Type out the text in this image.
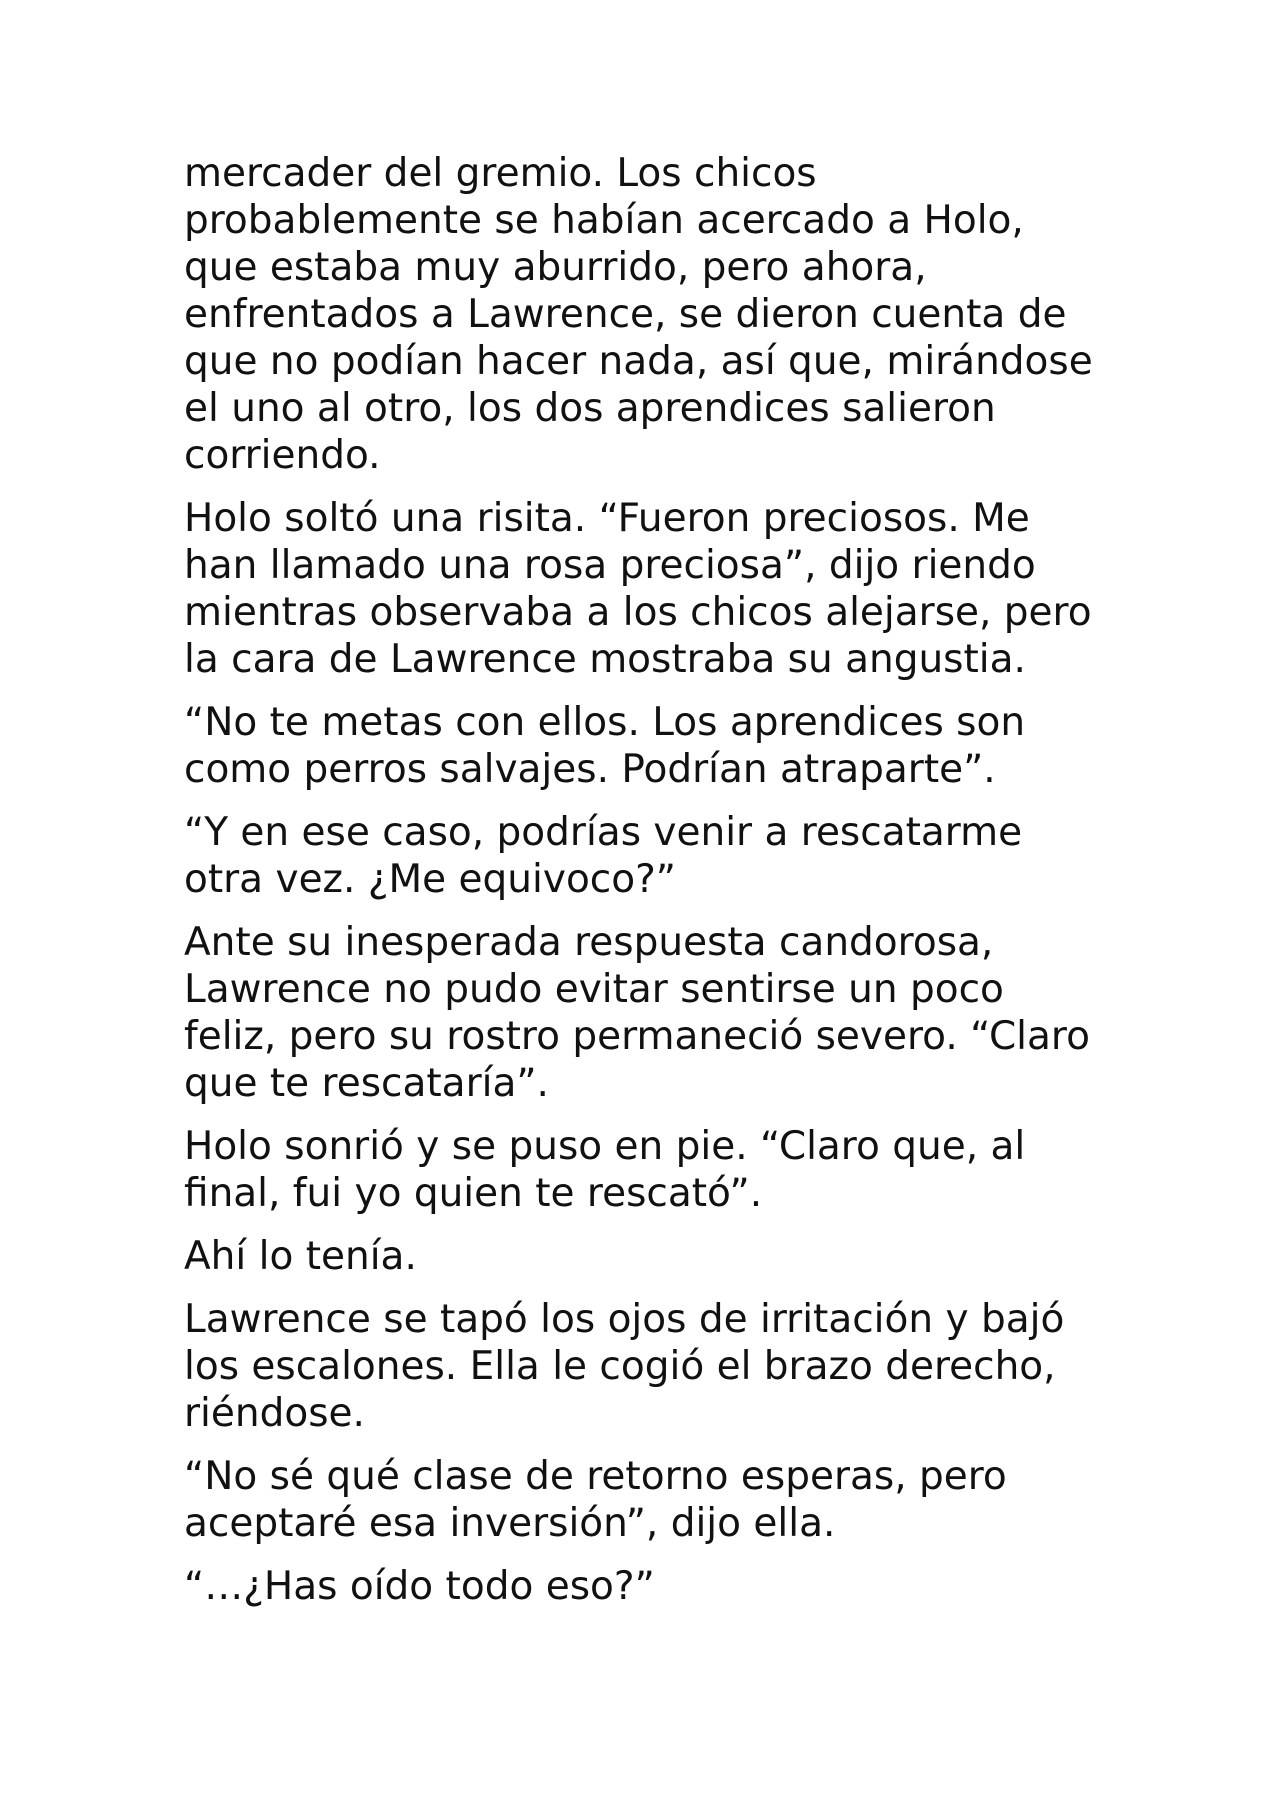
mercader del gremio. Los chicos
probablemente se habían acercado a Holo,
que estaba muy aburrido, pero ahora,
enfrentados a Lawrence, se dieron cuenta de
que no podían hacer nada, así que, mirándose
el uno al otro, los dos aprendices salieron
corriendo.

Holo soltó una risita. “Fueron preciosos. Me
han llamado una rosa preciosa”, dijo riendo
mientras observaba a los chicos alejarse, pero
la cara de Lawrence mostraba su angustia.

“No te metas con ellos. Los aprendices son
como perros salvajes. Podrían atraparte”.

“Y en ese caso, podrías venir a rescatarme
otra vez. ¿Me equivoco?”

Ante su inesperada respuesta candorosa,
Lawrence no pudo evitar sentirse un poco
feliz, pero su rostro permaneció severo. “Claro
que te rescataría”.

Holo sonrió y se puso en pie. “Claro que, al
final, fui yo quien te rescató”.

Ahí lo tenía.

Lawrence se tapó los ojos de irritación y bajó
los escalones. Ella le cogió el brazo derecho,
riéndose.

“No sé qué clase de retorno esperas, pero
aceptaré esa inversión”, dijo ella.

“…¿Has oído todo eso?”
